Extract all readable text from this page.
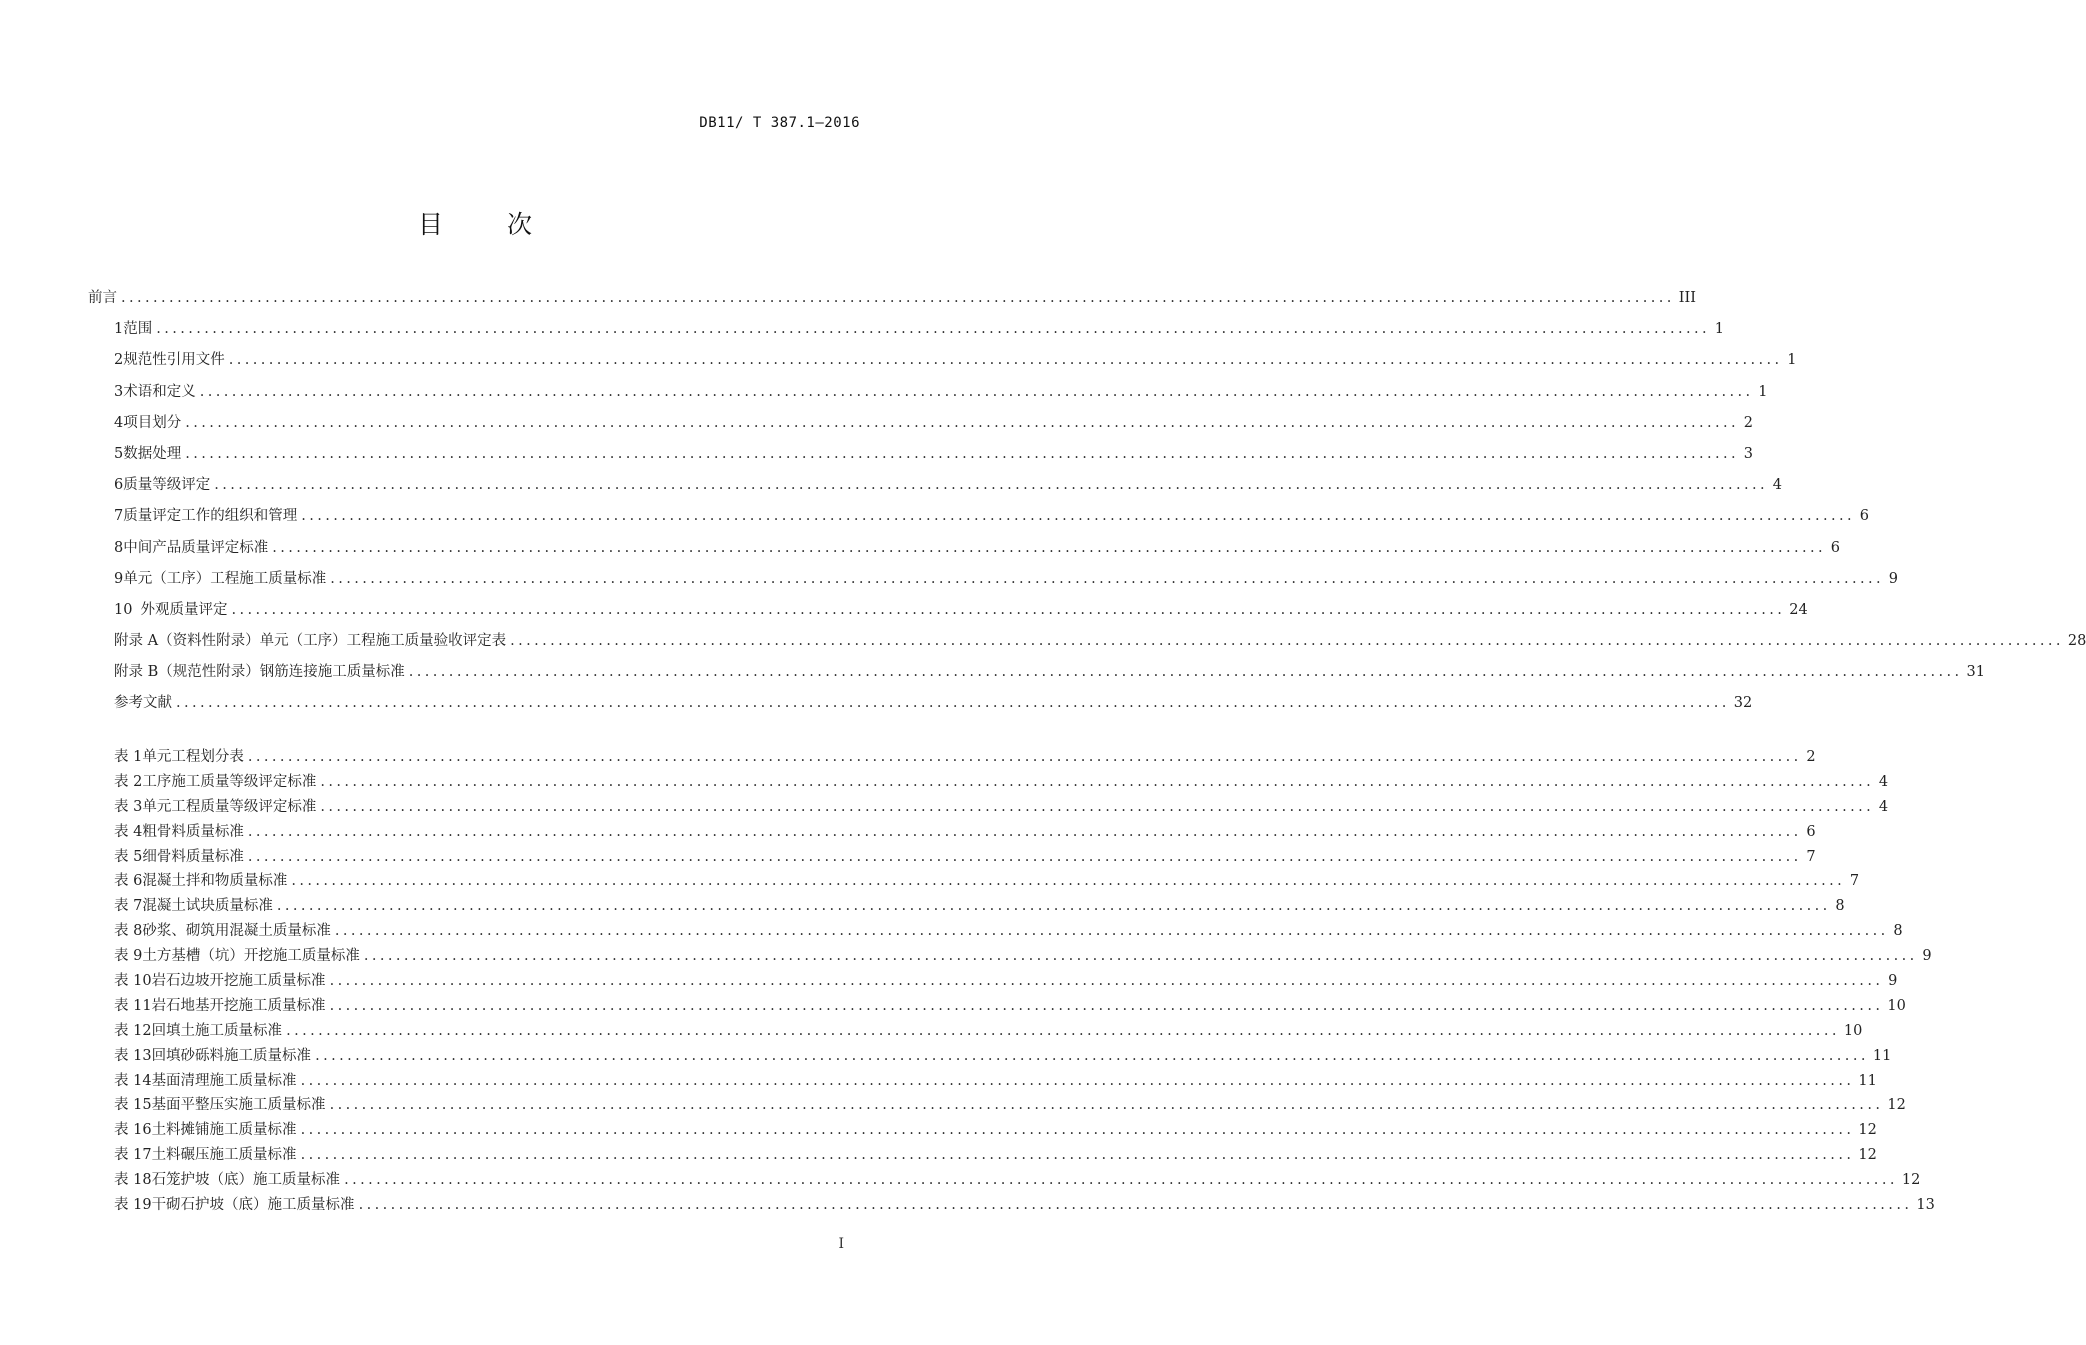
DB11/ T 387.1—2016
目 次
前言 .................................................................................................................................................................................................. III
1 范围 .................................................................................................................................................................................................. 1
2 规范性引用文件 .................................................................................................................................................................................................. 1
3 术语和定义 .................................................................................................................................................................................................. 1
4 项目划分 .................................................................................................................................................................................................. 2
5 数据处理 .................................................................................................................................................................................................. 3
6 质量等级评定 .................................................................................................................................................................................................. 4
7 质量评定工作的组织和管理 .................................................................................................................................................................................................. 6
8 中间产品质量评定标准 .................................................................................................................................................................................................. 6
9 单元（工序）工程施工质量标准 .................................................................................................................................................................................................. 9
10 外观质量评定 .................................................................................................................................................................................................. 24
附录 A（资料性附录） 单元（工序）工程施工质量验收评定表 .................................................................................................................................................................................................. 28
附录 B（规范性附录） 钢筋连接施工质量标准 .................................................................................................................................................................................................. 31
参考文献 .................................................................................................................................................................................................. 32
表 1 单元工程划分表 .................................................................................................................................................................................................. 2
表 2 工序施工质量等级评定标准 .................................................................................................................................................................................................. 4
表 3 单元工程质量等级评定标准 .................................................................................................................................................................................................. 4
表 4 粗骨料质量标准 .................................................................................................................................................................................................. 6
表 5 细骨料质量标准 .................................................................................................................................................................................................. 7
表 6 混凝土拌和物质量标准 .................................................................................................................................................................................................. 7
表 7 混凝土试块质量标准 .................................................................................................................................................................................................. 8
表 8 砂浆、砌筑用混凝土质量标准 .................................................................................................................................................................................................. 8
表 9 土方基槽（坑）开挖施工质量标准 .................................................................................................................................................................................................. 9
表 10 岩石边坡开挖施工质量标准 .................................................................................................................................................................................................. 9
表 11 岩石地基开挖施工质量标准 .................................................................................................................................................................................................. 10
表 12 回填土施工质量标准 .................................................................................................................................................................................................. 10
表 13 回填砂砾料施工质量标准 .................................................................................................................................................................................................. 11
表 14 基面清理施工质量标准 .................................................................................................................................................................................................. 11
表 15 基面平整压实施工质量标准 .................................................................................................................................................................................................. 12
表 16 土料摊铺施工质量标准 .................................................................................................................................................................................................. 12
表 17 土料碾压施工质量标准 .................................................................................................................................................................................................. 12
表 18 石笼护坡（底）施工质量标准 .................................................................................................................................................................................................. 12
表 19 干砌石护坡（底）施工质量标准 .................................................................................................................................................................................................. 13
I
